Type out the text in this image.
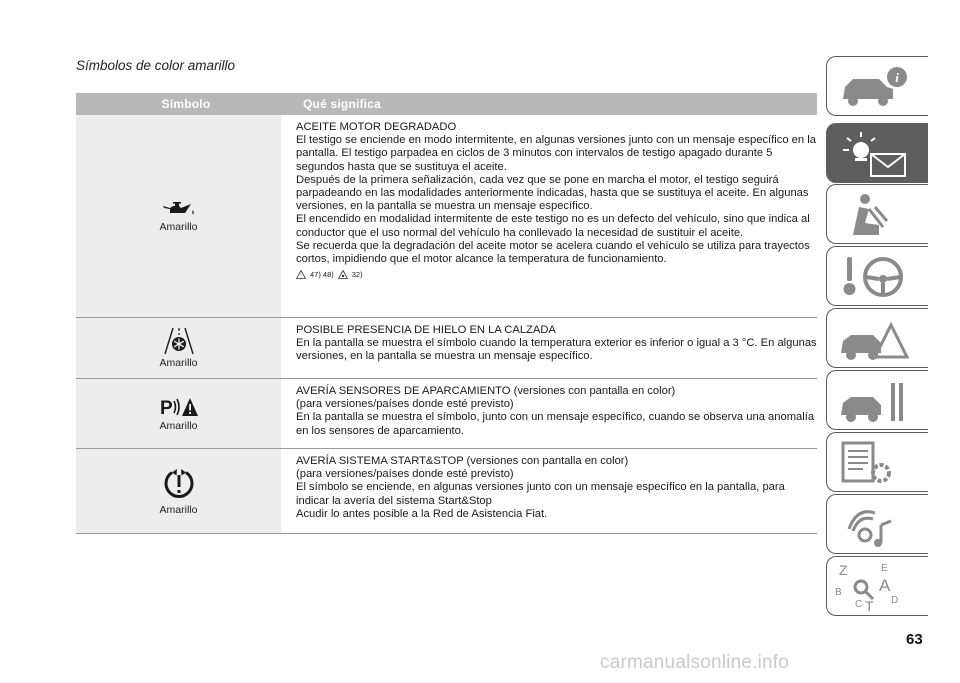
Símbolos de color amarillo
Símbolo	Qué significa
Amarillo

ACEITE MOTOR DEGRADADO

El testigo se enciende en modo intermitente, en algunas versiones junto con un mensaje específico en la pantalla. El testigo parpadea en ciclos de 3 minutos con intervalos de testigo apagado durante 5 segundos hasta que se sustituya el aceite.

Después de la primera señalización, cada vez que se pone en marcha el motor, el testigo seguirá parpadeando en las modalidades anteriormente indicadas, hasta que se sustituya el aceite. En algunas versiones, en la pantalla se muestra un mensaje específico.

El encendido en modalidad intermitente de este testigo no es un defecto del vehículo, sino que indica al conductor que el uso normal del vehículo ha conllevado la necesidad de sustituir el aceite.

Se recuerda que la degradación del aceite motor se acelera cuando el vehículo se utiliza para trayectos cortos, impidiendo que el motor alcance la temperatura de funcionamiento.

! 47) 48) 32)
Amarillo

POSIBLE PRESENCIA DE HIELO EN LA CALZADA

En la pantalla se muestra el símbolo cuando la temperatura exterior es inferior o igual a 3 °C. En algunas versiones, en la pantalla se muestra un mensaje específico.

P
Amarillo

AVERÍA SENSORES DE APARCAMIENTO (versiones con pantalla en color)

(para versiones/países donde esté previsto)

En la pantalla se muestra el símbolo, junto con un mensaje específico, cuando se observa una anomalía en los sensores de aparcamiento.

Amarillo

AVERÍA SISTEMA START&STOP (versiones con pantalla en color)

(para versiones/países donde esté previsto)

El símbolo se enciende, en algunas versiones junto con un mensaje específico en la pantalla, para indicar la avería del sistema Start&Stop

Acudir lo antes posible a la Red de Asistencia Fiat.

i
Z	E
B A
C T D
63
carmanualsonline.info
